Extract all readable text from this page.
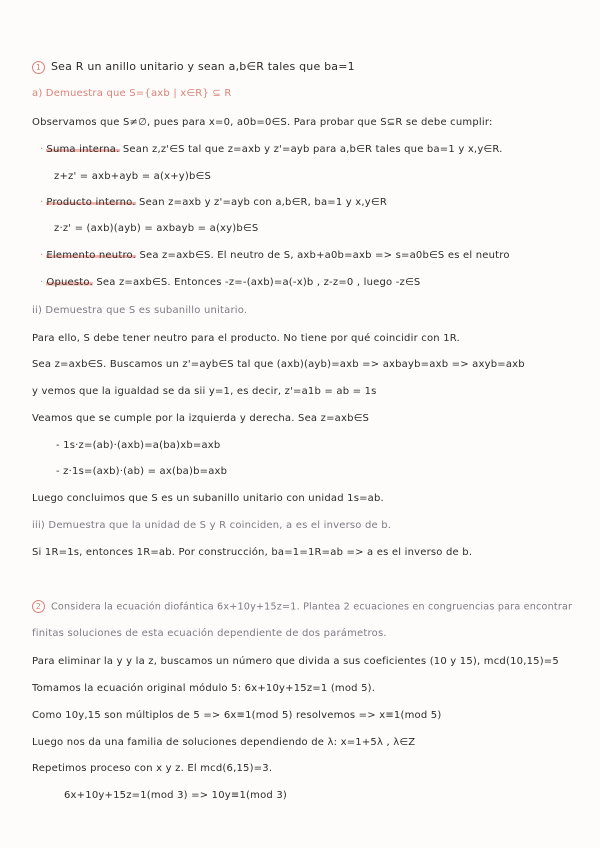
1 Sea R un anillo unitario y sean a,b∈R tales que ba=1
a) Demuestra que S={axb | x∈R} ⊆ R
Observamos que S≠∅, pues para x=0, a0b=0∈S. Para probar que S⊆R se debe cumplir:
· Suma interna. Sean z,z'∈S tal que z=axb y z'=ayb para a,b∈R tales que ba=1 y x,y∈R.
z+z' = axb+ayb = a(x+y)b∈S
· Producto interno. Sean z=axb y z'=ayb con a,b∈R, ba=1 y x,y∈R
z·z' = (axb)(ayb) = axbayb = a(xy)b∈S
· Elemento neutro. Sea z=axb∈S. El neutro de S, axb+a0b=axb => s=a0b∈S es el neutro
· Opuesto. Sea z=axb∈S. Entonces -z=-(axb)=a(-x)b , z-z=0 , luego -z∈S
ii) Demuestra que S es subanillo unitario.
Para ello, S debe tener neutro para el producto. No tiene por qué coincidir con 1R.
Sea z=axb∈S. Buscamos un z'=ayb∈S tal que (axb)(ayb)=axb => axbayb=axb => axyb=axb
y vemos que la igualdad se da sii y=1, es decir, z'=a1b = ab = 1s
Veamos que se cumple por la izquierda y derecha. Sea z=axb∈S
- 1s·z=(ab)·(axb)=a(ba)xb=axb
- z·1s=(axb)·(ab) = ax(ba)b=axb
Luego concluimos que S es un subanillo unitario con unidad 1s=ab.
iii) Demuestra que la unidad de S y R coinciden, a es el inverso de b.
Si 1R=1s, entonces 1R=ab. Por construcción, ba=1=1R=ab => a es el inverso de b.
2 Considera la ecuación diofántica 6x+10y+15z=1. Plantea 2 ecuaciones en congruencias para encontrar
finitas soluciones de esta ecuación dependiente de dos parámetros.
Para eliminar la y y la z, buscamos un número que divida a sus coeficientes (10 y 15), mcd(10,15)=5
Tomamos la ecuación original módulo 5: 6x+10y+15z=1 (mod 5).
Como 10y,15 son múltiplos de 5 => 6x≡1(mod 5) resolvemos => x≡1(mod 5)
Luego nos da una familia de soluciones dependiendo de λ: x=1+5λ , λ∈Z
Repetimos proceso con x y z. El mcd(6,15)=3.
6x+10y+15z=1(mod 3) => 10y≡1(mod 3)
